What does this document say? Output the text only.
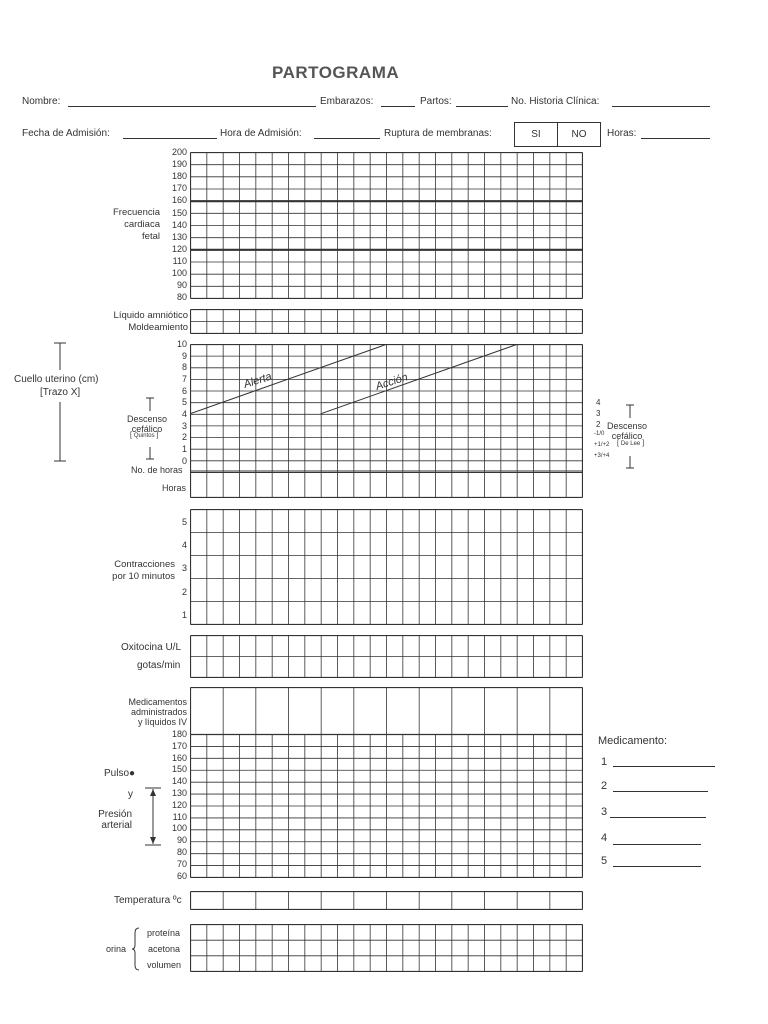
PARTOGRAMA
Nombre:	Embarazos:	Partos:	No. Historia Clínica:
Fecha de Admisión:	Hora de Admisión:	Ruptura de membranas:	SI	NO	Horas:
Frecuencia
cardiaca
fetal
200
190
180
170
160
150
140
130
120
110
100
90
80
Líquido amniótico
Moldeamiento
Cuello uterino (cm)
[Trazo X]
10
9
8
7
6
5
4
3
2
1
0
Alerta	Acción
Descenso
cefálico
[ Quintos ]
No. de horas
Horas
4
3
2
-1/0
+1/+2
+3/+4
Descenso
cefálico
[ De Lee ]
Contracciones
por 10 minutos
5
4
3
2
1
Oxitocina U/L
gotas/min
Medicamentos
administrados
y líquidos IV
180
170
160
150
140
130
120
110
100
90
80
70
60
Pulso●
y
Presión
arterial
Medicamento:
1
2
3
4
5
Temperatura ºc
orina
proteína
acetona
volumen
